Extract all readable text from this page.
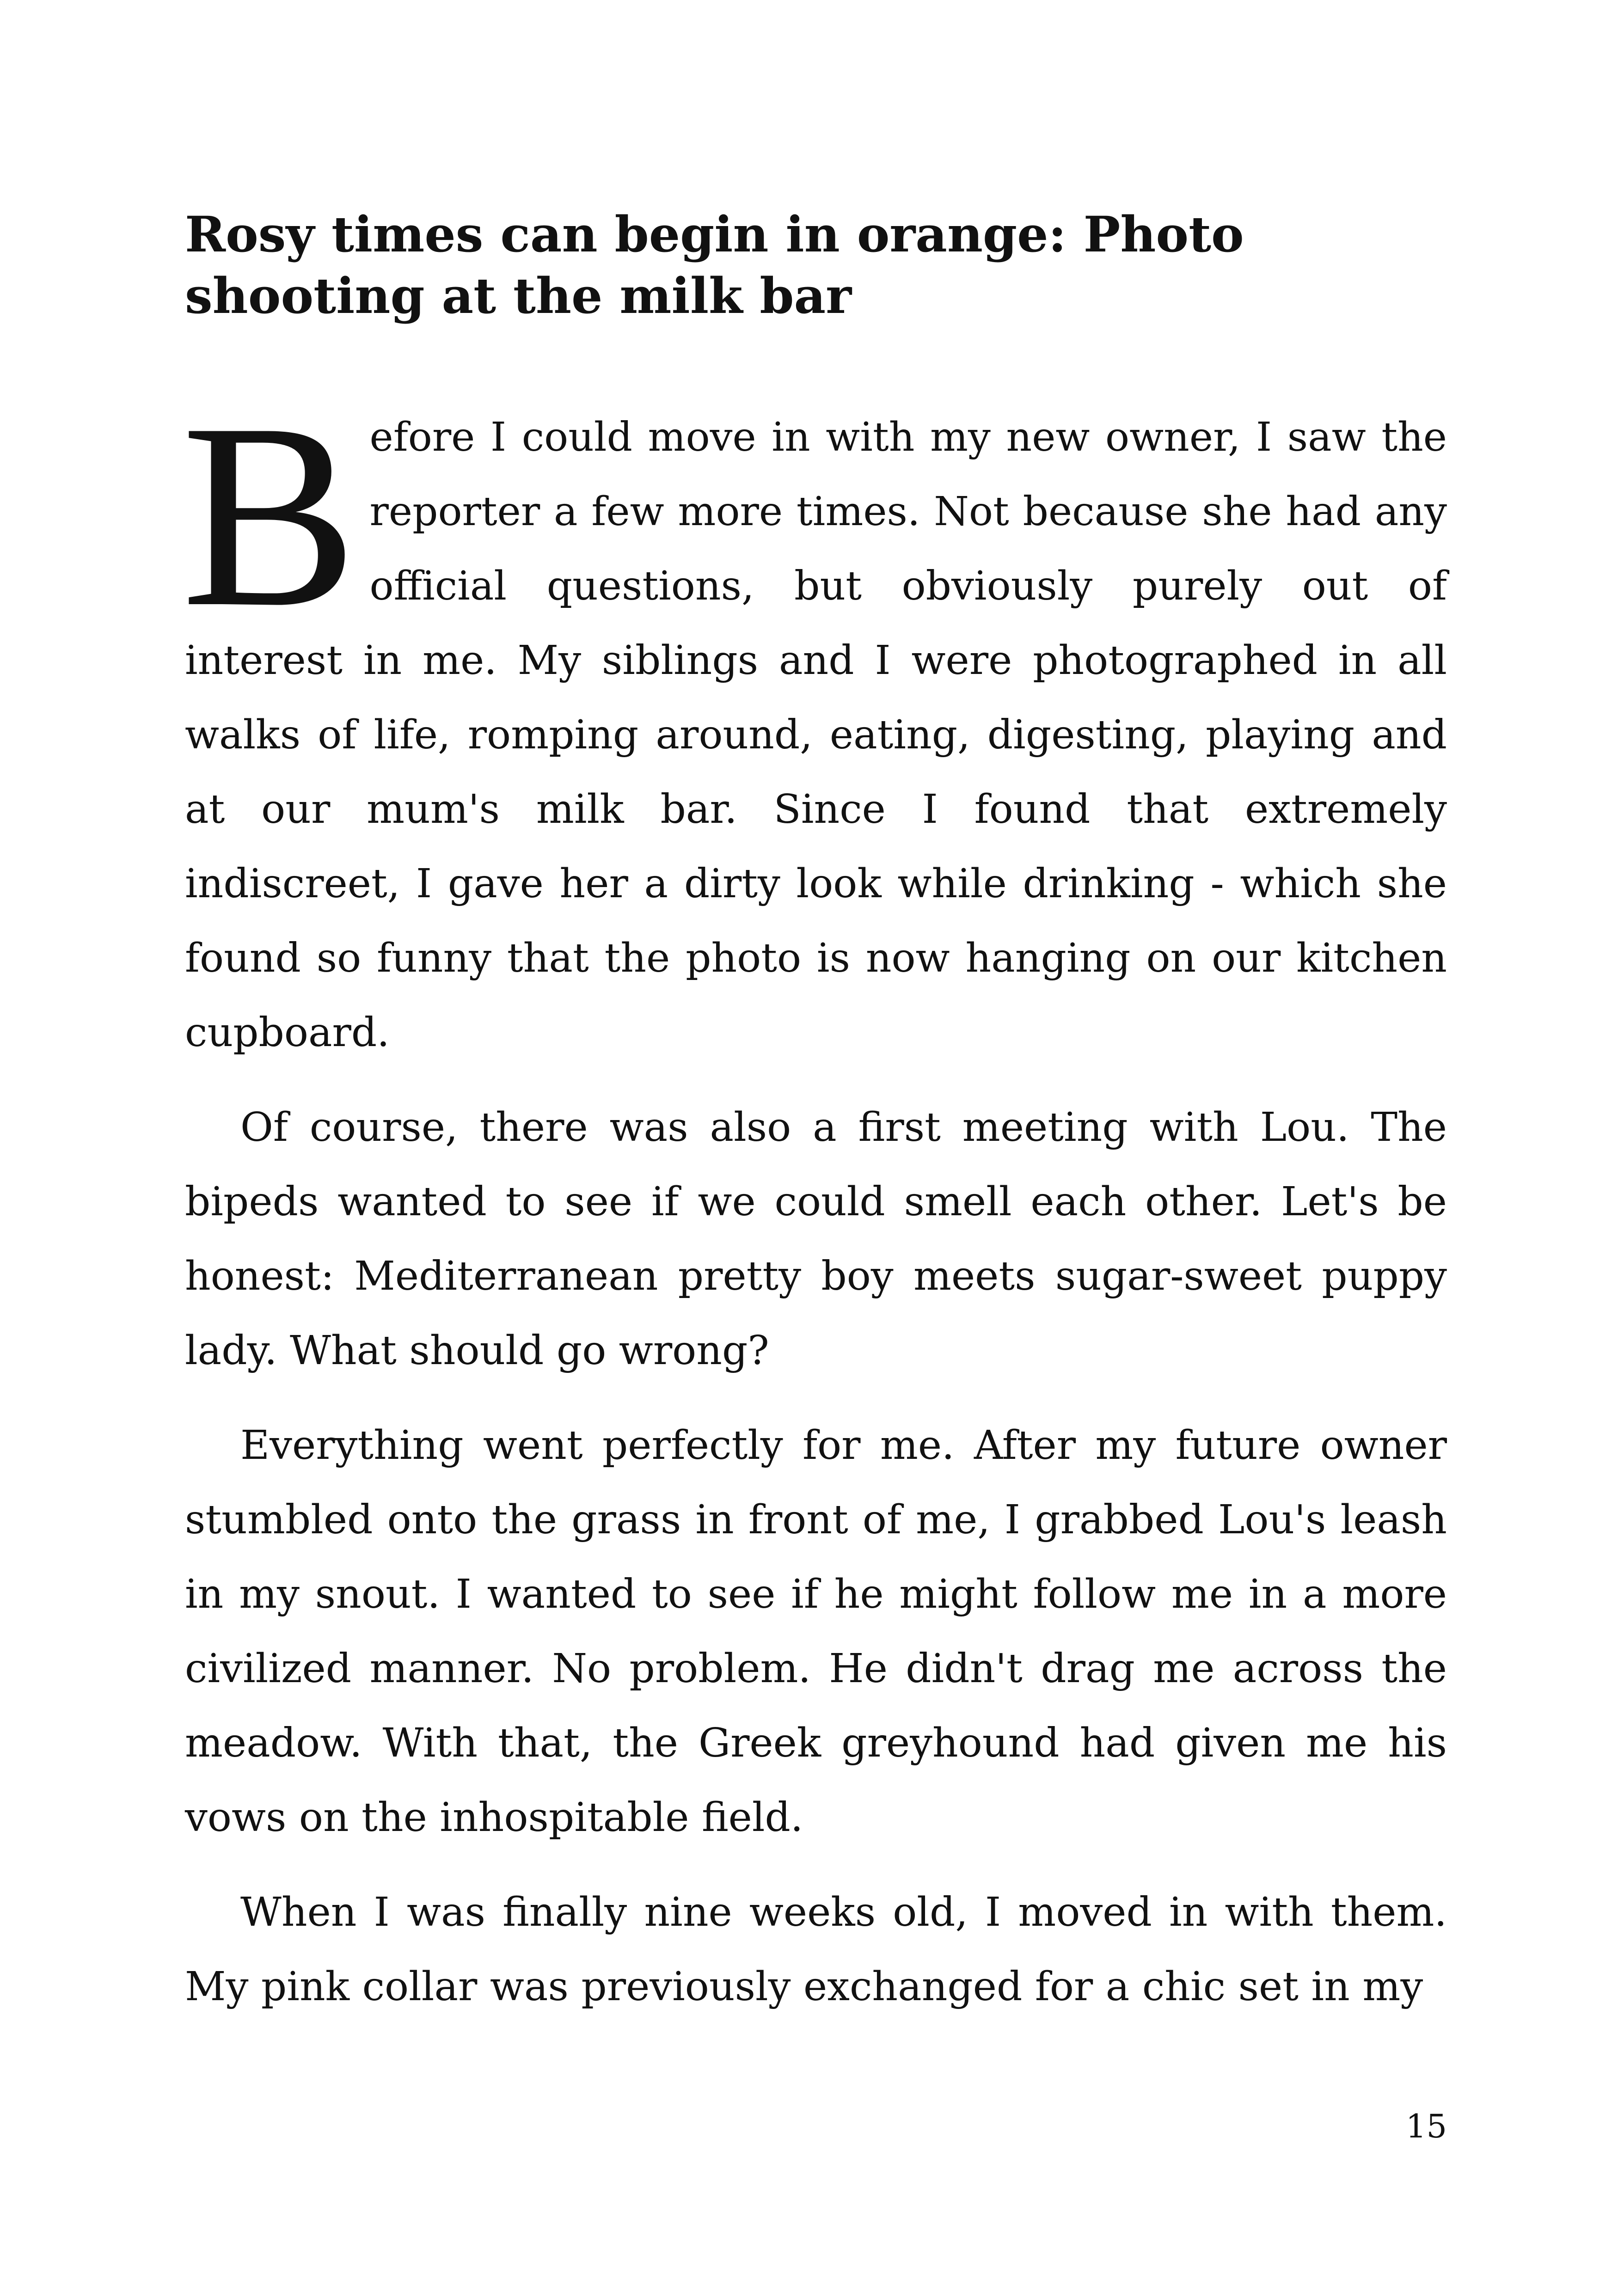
Rosy times can begin in orange: Photo shooting at the milk bar

Before I could move in with my new owner, I saw the reporter a few more times. Not because she had any official questions, but obviously purely out of interest in me. My siblings and I were photographed in all walks of life, romping around, eating, digesting, playing and at our mum's milk bar. Since I found that extremely indiscreet, I gave her a dirty look while drinking - which she found so funny that the photo is now hanging on our kitchen cupboard.

Of course, there was also a first meeting with Lou. The bipeds wanted to see if we could smell each other. Let's be honest: Mediterranean pretty boy meets sugar-sweet puppy lady. What should go wrong?

Everything went perfectly for me. After my future owner stumbled onto the grass in front of me, I grabbed Lou's leash in my snout. I wanted to see if he might follow me in a more civilized manner. No problem. He didn't drag me across the meadow. With that, the Greek greyhound had given me his vows on the inhospitable field.

When I was finally nine weeks old, I moved in with them. My pink collar was previously exchanged for a chic set in my

15
